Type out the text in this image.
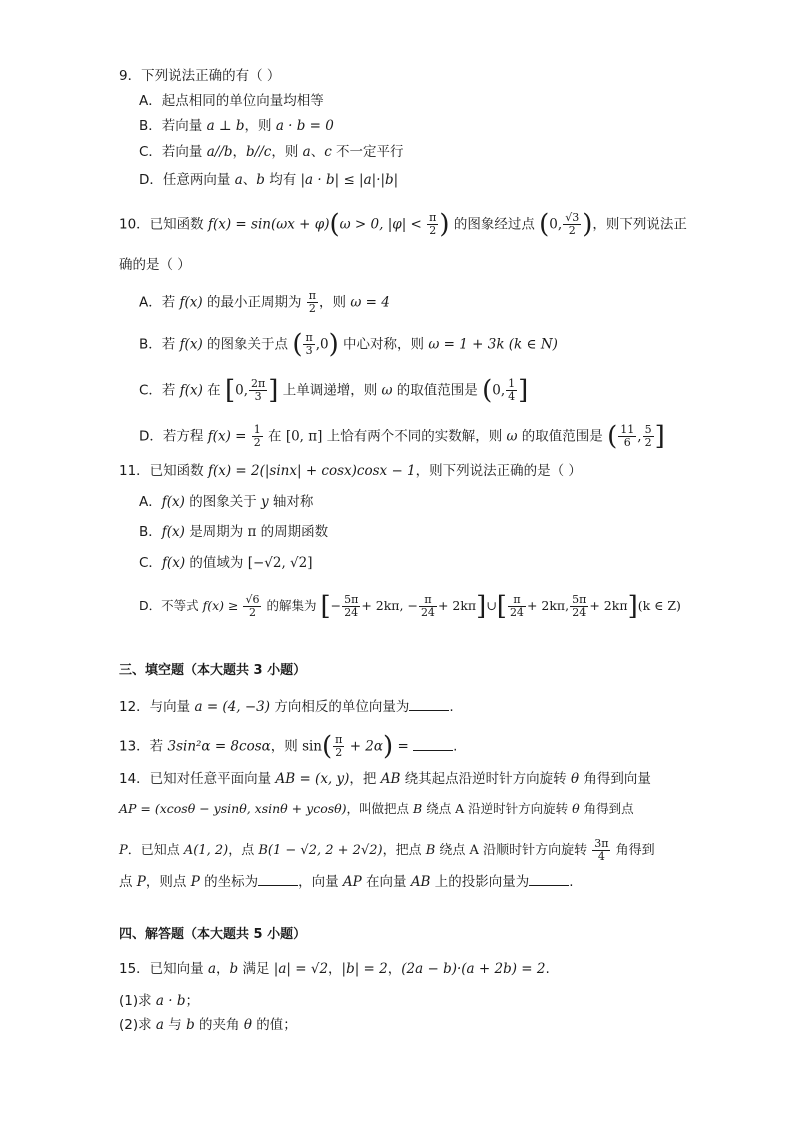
9．下列说法正确的有（ ）
A．起点相同的单位向量均相等
B．若向量 a ⊥ b，则 a · b = 0
C．若向量 a//b，b//c，则 a、c 不一定平行
D．任意两向量 a、b 均有 |a · b| ≤ |a|·|b|
10．已知函数 f(x) = sin(ωx + φ)(ω > 0, $|\varphi| < \frac{\pi}{2}$ ) 的图象经过点 (0, $\frac{√3}{2}$ )，则下列说法正
确的是（ ）
A．若 f(x) 的最小正周期为 $\frac{\pi}{2}$ ，则 ω = 4
B．若 f(x) 的图象关于点 ( $\frac{\pi}{3} ,0$) 中心对称，则 ω = 1 + 3k (k ∈ N)
C．若 f(x) 在 [0, $\frac{2\pi}{3}$ ] 上单调递增，则 ω 的取值范围是 (0, $\frac{1}{4}$ ]
D．若方程 $f(x) = \frac{1}{2}$ 在 [0, π] 上恰有两个不同的实数解，则 ω 的取值范围是 ( $\frac{11}{6}$ , $\frac{5}{2}$ ]
11．已知函数 f(x) = 2(|sinx| + cosx)cosx − 1，则下列说法正确的是（ ）
A．f(x) 的图象关于 y 轴对称
B．f(x) 是周期为 π 的周期函数
C．f(x) 的值域为 [−√2, √2]
D．不等式 $f(x) \ge \frac{√6}{2}$ 的解集为 [− $\frac{5\pi}{24} + 2k\pi$, − $\frac{\pi}{24}$ + 2kπ]∪[ $\frac{\pi}{24} + 2k\pi$, $\frac{5\pi}{24} + 2k\pi](k$ ∈ Z)
三、填空题（本大题共 3 小题）
12．与向量 a = (4, −3) 方向相反的单位向量为	.
13．若 3sin²α = 8cosα，则 $\sin( \frac{\pi}{2} + 2\alpha)$ =	.
14．已知对任意平面向量 AB = (x, y)，把 AB 绕其起点沿逆时针方向旋转 θ 角得到向量
AP = (xcosθ − ysinθ, xsinθ + ycosθ)，叫做把点 B 绕点 A 沿逆时针方向旋转 θ 角得到点
P．已知点 A(1, 2)，点 B(1 − √2, 2 + 2√2)，把点 B 绕点 A 沿顺时针方向旋转 $\frac{3\pi}{4}$ 角得到
点 P，则点 P 的坐标为	，向量 AP 在向量 AB 上的投影向量为	.
四、解答题（本大题共 5 小题）
15．已知向量 a，b 满足 |a| = √2，|b| = 2，(2a − b)·(a + 2b) = 2.
(1)求 a · b；
(2)求 a 与 b 的夹角 θ 的值；
